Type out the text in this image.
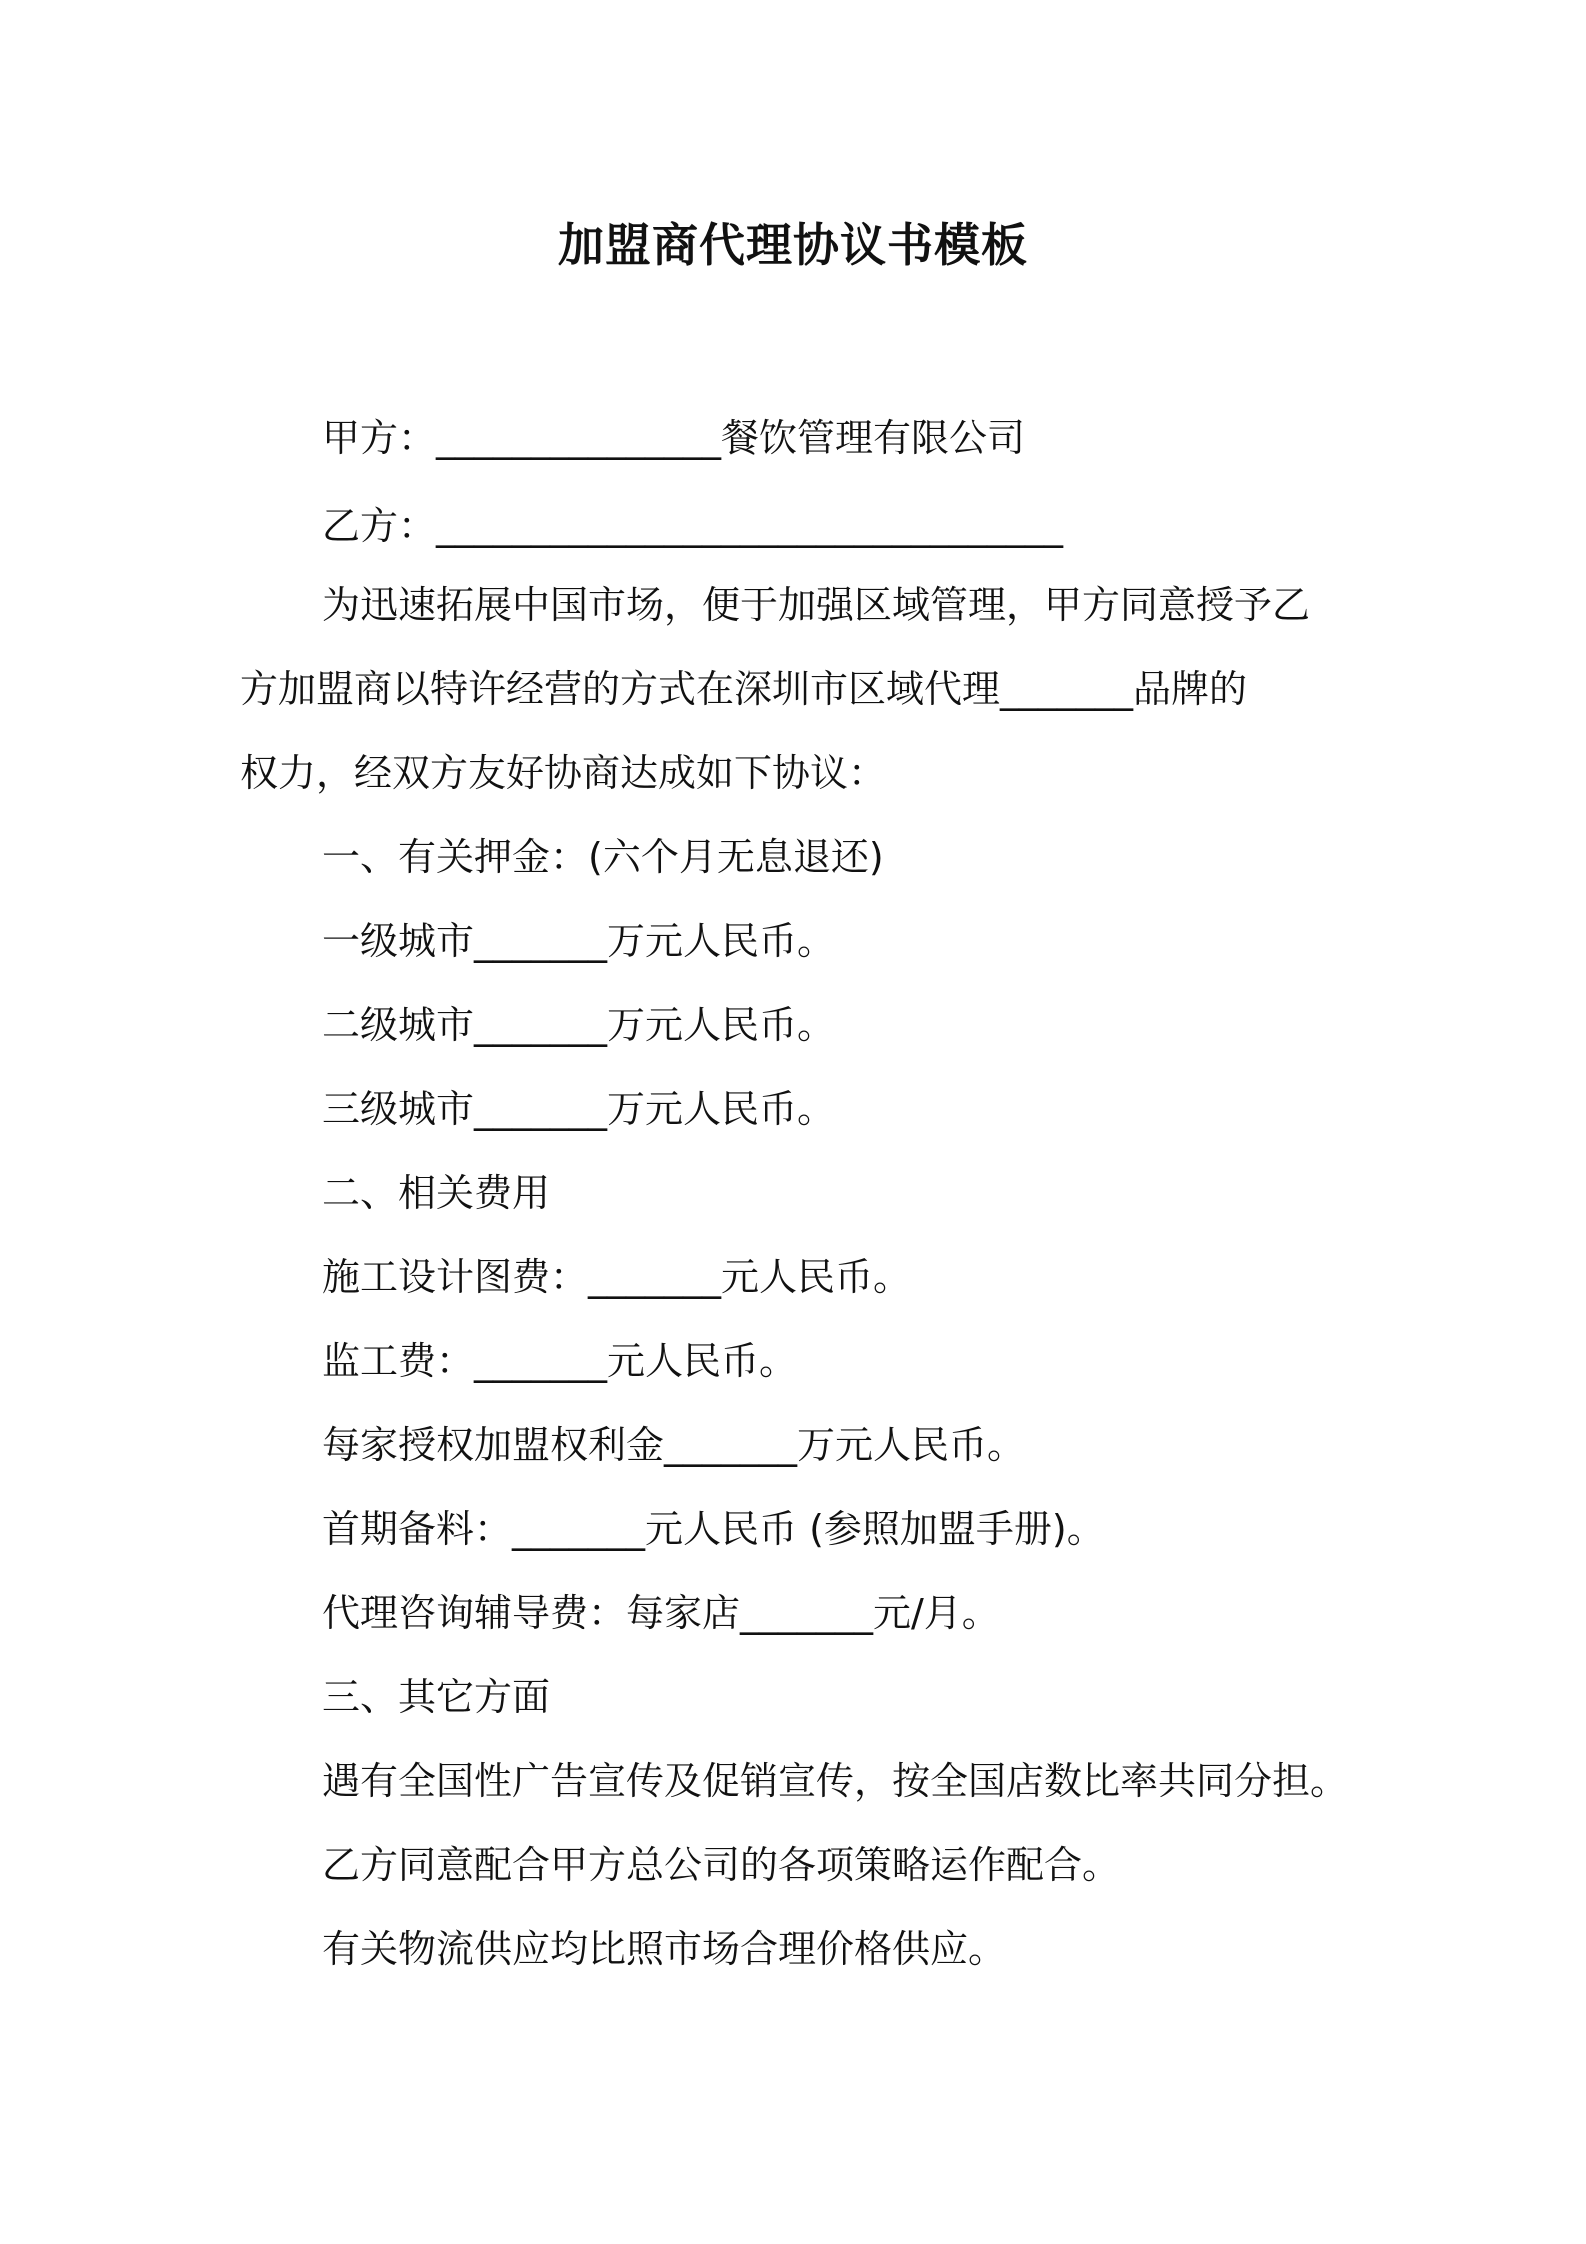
加盟商代理协议书模板

甲方：_______________餐饮管理有限公司

乙方：_________________________________

为迅速拓展中国市场，便于加强区域管理，甲方同意授予乙

方加盟商以特许经营的方式在深圳市区域代理_______品牌的

权力，经双方友好协商达成如下协议：

一、有关押金：(六个月无息退还)

一级城市_______万元人民币。

二级城市_______万元人民币。

三级城市_______万元人民币。

二、相关费用

施工设计图费：_______元人民币。

监工费：_______元人民币。

每家授权加盟权利金_______万元人民币。

首期备料：_______元人民币 (参照加盟手册)。

代理咨询辅导费：每家店_______元/月。

三、其它方面

遇有全国性广告宣传及促销宣传，按全国店数比率共同分担。

乙方同意配合甲方总公司的各项策略运作配合。

有关物流供应均比照市场合理价格供应。
